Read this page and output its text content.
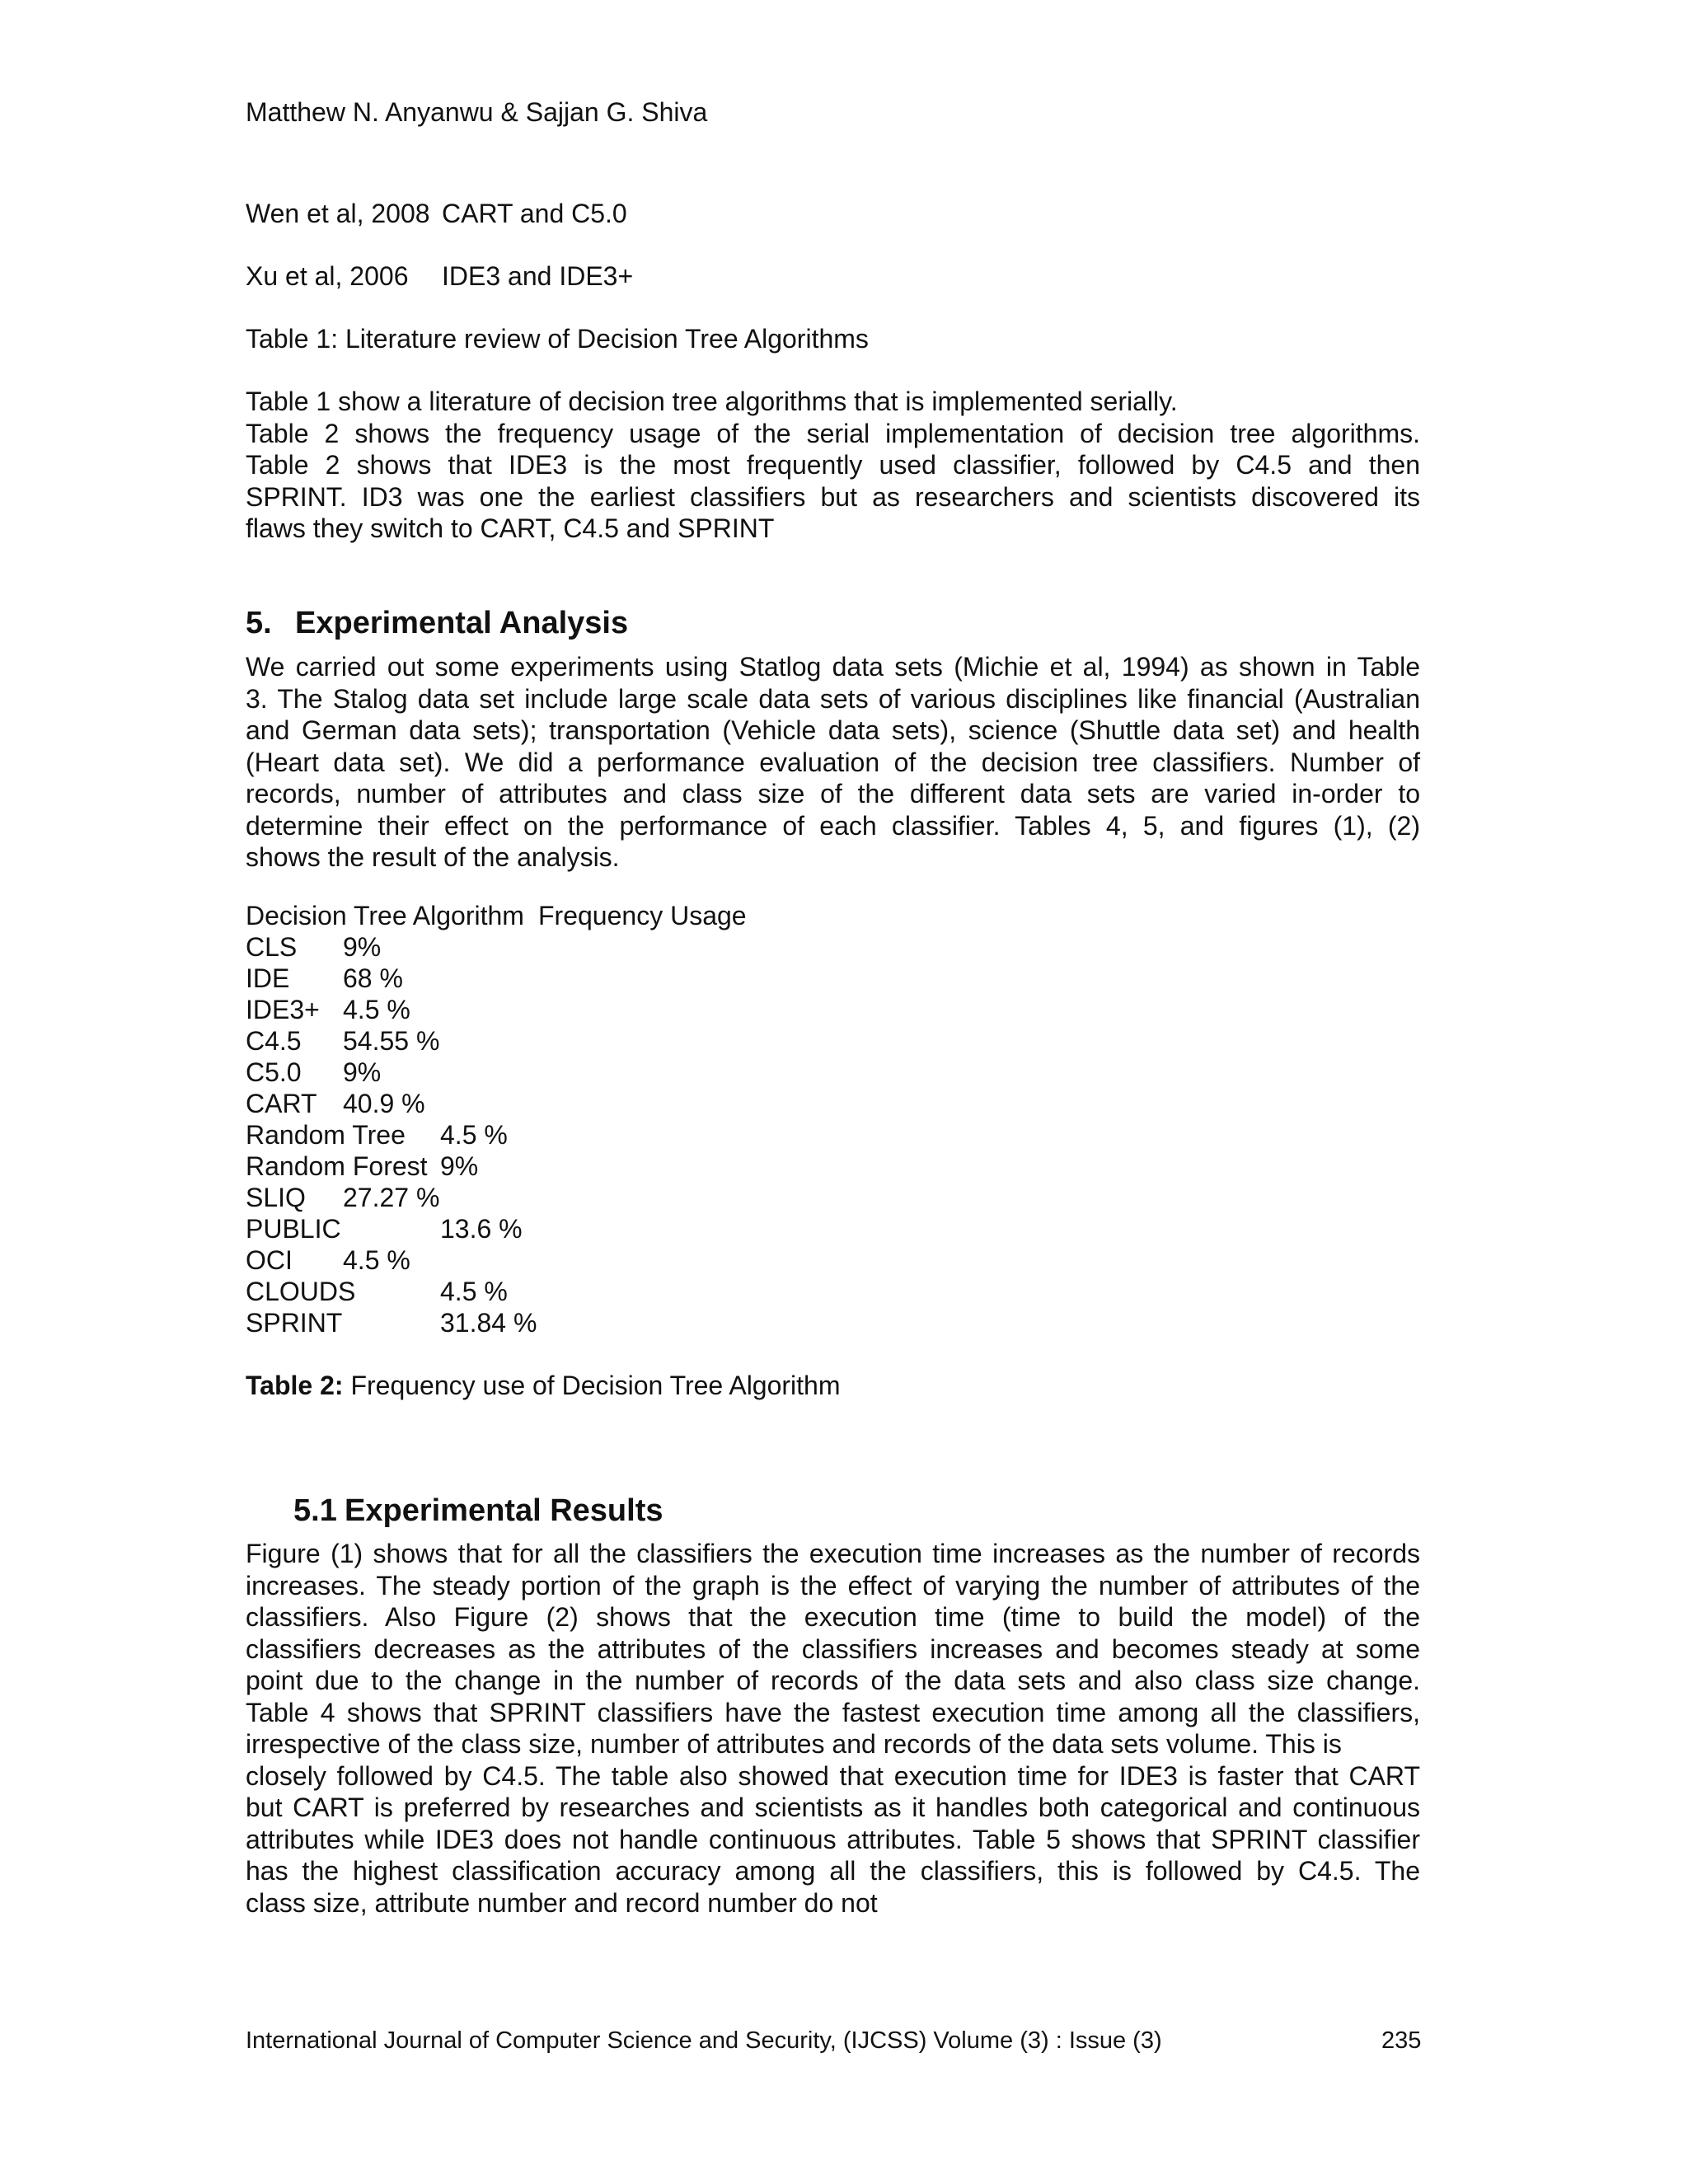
Matthew N. Anyanwu & Sajjan G. Shiva
Wen et al, 2008 CART and C5.0
Xu et al, 2006 IDE3 and IDE3+
Table 1: Literature review of Decision Tree Algorithms
Table 1 show a literature of decision tree algorithms that is implemented serially.
Table 2 shows the frequency usage of the serial implementation of decision tree algorithms.
Table 2 shows that IDE3 is the most frequently used classifier, followed by C4.5 and then
SPRINT. ID3 was one the earliest classifiers but as researchers and scientists discovered its
flaws they switch to CART, C4.5 and SPRINT
5. Experimental Analysis
We carried out some experiments using Statlog data sets (Michie et al, 1994) as shown in Table
3. The Stalog data set include large scale data sets of various disciplines like financial (Australian
and German data sets); transportation (Vehicle data sets), science (Shuttle data set) and health
(Heart data set). We did a performance evaluation of the decision tree classifiers. Number of
records, number of attributes and class size of the different data sets are varied in-order to
determine their effect on the performance of each classifier. Tables 4, 5, and figures (1), (2)
shows the result of the analysis.
Decision Tree Algorithm Frequency Usage
CLS 9%
IDE 68 %
IDE3+ 4.5 %
C4.5 54.55 %
C5.0 9%
CART 40.9 %
Random Tree 4.5 %
Random Forest 9%
SLIQ 27.27 %
PUBLIC	13.6 %
OCI 4.5 %
CLOUDS	4.5 %
SPRINT	31.84 %
Table 2: Frequency use of Decision Tree Algorithm
5.1 Experimental Results
Figure (1) shows that for all the classifiers the execution time increases as the number of records
increases. The steady portion of the graph is the effect of varying the number of attributes of the
classifiers. Also Figure (2) shows that the execution time (time to build the model) of the
classifiers decreases as the attributes of the classifiers increases and becomes steady at some
point due to the change in the number of records of the data sets and also class size change.
Table 4 shows that SPRINT classifiers have the fastest execution time among all the classifiers,
irrespective of the class size, number of attributes and records of the data sets volume. This is
closely followed by C4.5. The table also showed that execution time for IDE3 is faster that CART
but CART is preferred by researches and scientists as it handles both categorical and continuous
attributes while IDE3 does not handle continuous attributes. Table 5 shows that SPRINT classifier
has the highest classification accuracy among all the classifiers, this is followed by C4.5. The
class size, attribute number and record number do not
International Journal of Computer Science and Security, (IJCSS) Volume (3) : Issue (3)	235
